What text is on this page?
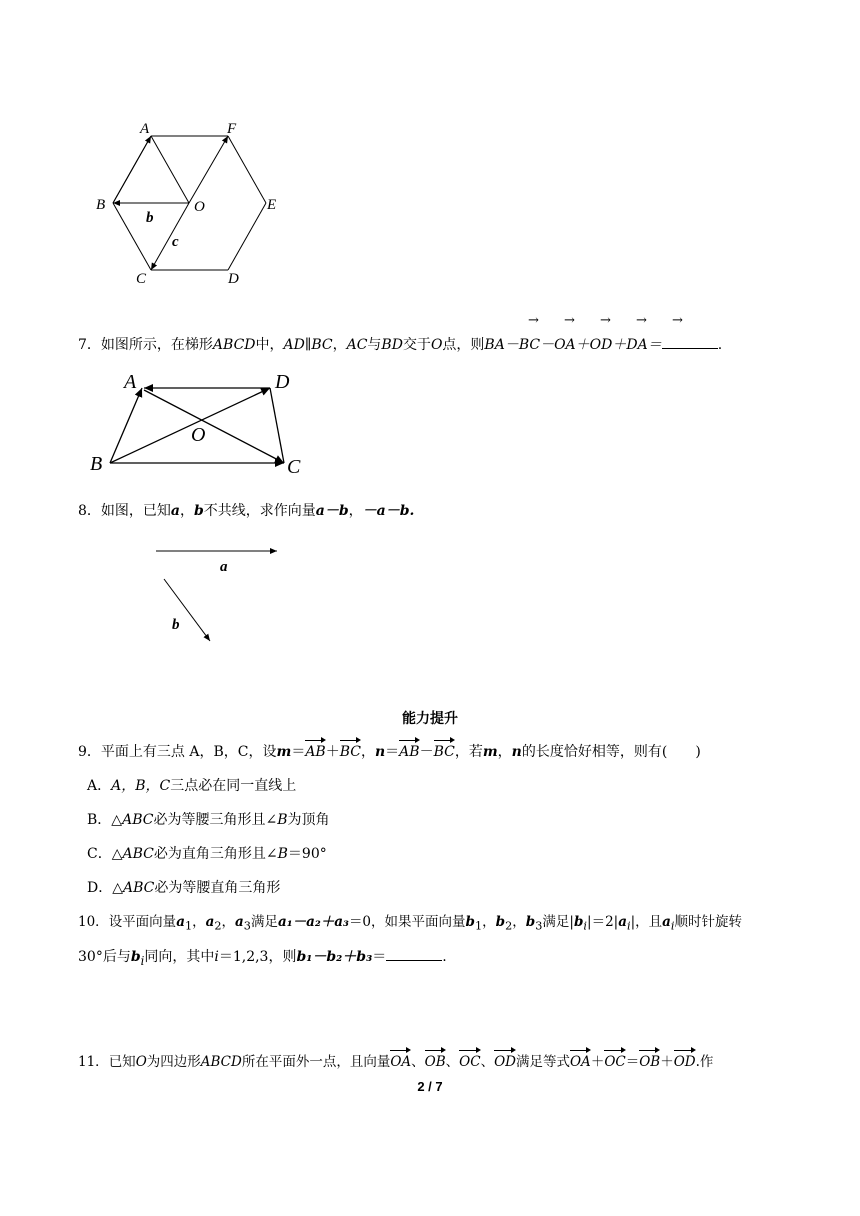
A	F
B	O	E
C	D
b
c
→ → → → →
7．如图所示，在梯形ABCD中，AD∥BC，AC与BD交于O点，则BA－BC－OA＋OD＋DA＝	.
A	D
O
B	C
8．如图，已知a，b不共线，求作向量a－b，－a－b.
a
b
能力提升
9．平面上有三点 A，B，C，设m＝AB＋BC，n＝AB－BC，若m，n的长度恰好相等，则有(　　)
A．A，B，C三点必在同一直线上
B．△ABC必为等腰三角形且∠B为顶角
C．△ABC必为直角三角形且∠B＝90°
D．△ABC必为等腰直角三角形
10．设平面向量$a_1$，$a_2$，$a_3$满足a₁－a₂＋a₃＝0，如果平面向量$b_1$，$b_2$，$b_3$满足$|b_i|=2|a_i|$，且$a_i$顺时针旋转
30°后与$b_i$同向，其中i＝1,2,3，则b₁－b₂＋b₃＝	.
11．已知O为四边形ABCD所在平面外一点，且向量OA、OB、OC、OD满足等式OA＋OC＝OB＋OD.作
2 / 7
